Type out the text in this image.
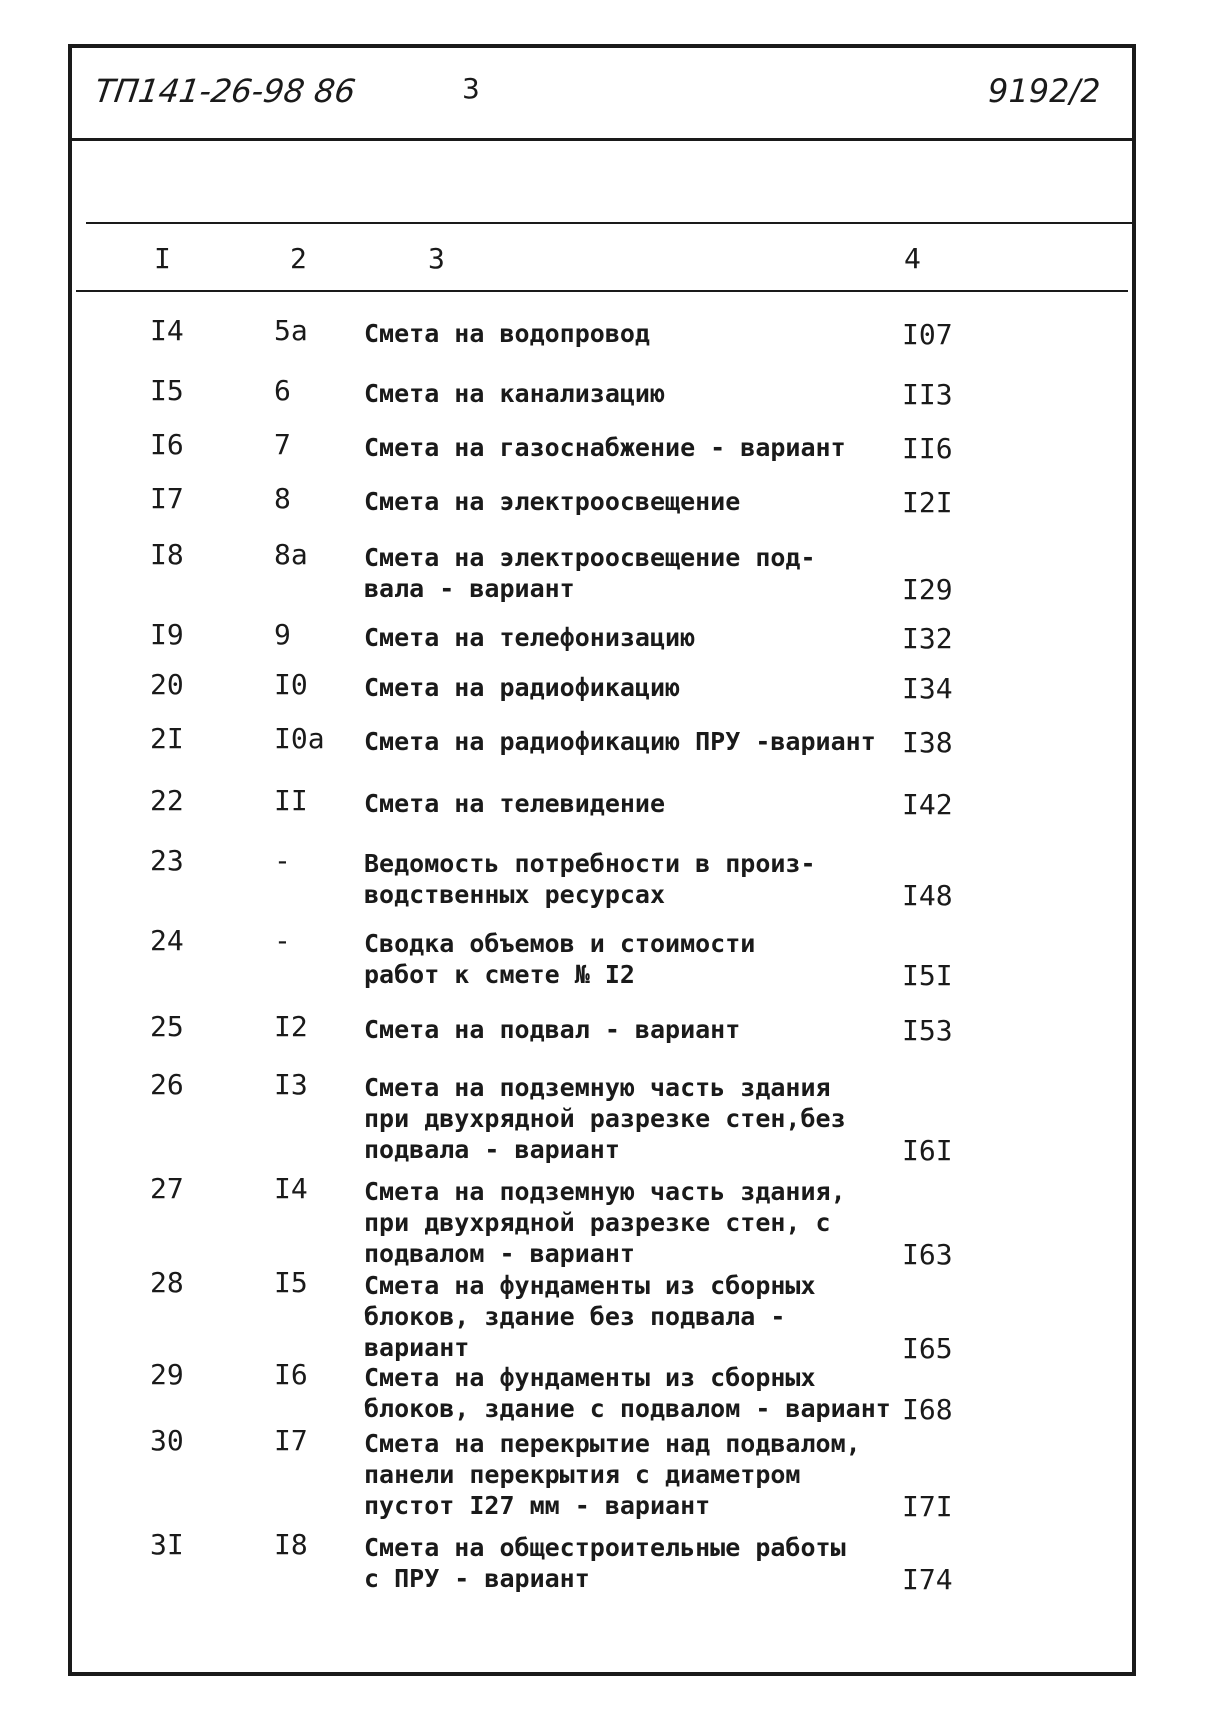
ТП141-26-98 86	3	9192/2
I	2	3	4
I4	5а Смета на водопровод	I07
I5	6	Смета на канализацию	II3
I6	7	Смета на газоснабжение - вариант	II6
I7	8	Смета на электроосвещение	I2I
I8	8а Смета на электроосвещение под-
вала - вариант	I29
I9	9	Смета на телефонизацию	I32
20	I0 Смета на радиофикацию	I34
2I	I0а Смета на радиофикацию ПРУ -вариант I38
22	II Смета на телевидение	I42
23	-	Ведомость потребности в произ-
водственных ресурсах	I48
24	-	Сводка объемов и стоимости
работ к смете № I2	I5I
25	I2 Смета на подвал - вариант	I53
26	I3 Смета на подземную часть здания
при двухрядной разрезке стен,без
подвала - вариант	I6I
27	I4 Смета на подземную часть здания,
при двухрядной разрезке стен, с
подвалом - вариант	I63
28	I5 Смета на фундаменты из сборных
блоков, здание без подвала -
вариант	I65
29	I6 Смета на фундаменты из сборных
блоков, здание с подвалом - вариант I68
30	I7 Смета на перекрытие над подвалом,
панели перекрытия с диаметром
пустот I27 мм - вариант	I7I
3I	I8 Смета на общестроительные работы
с ПРУ - вариант	I74
